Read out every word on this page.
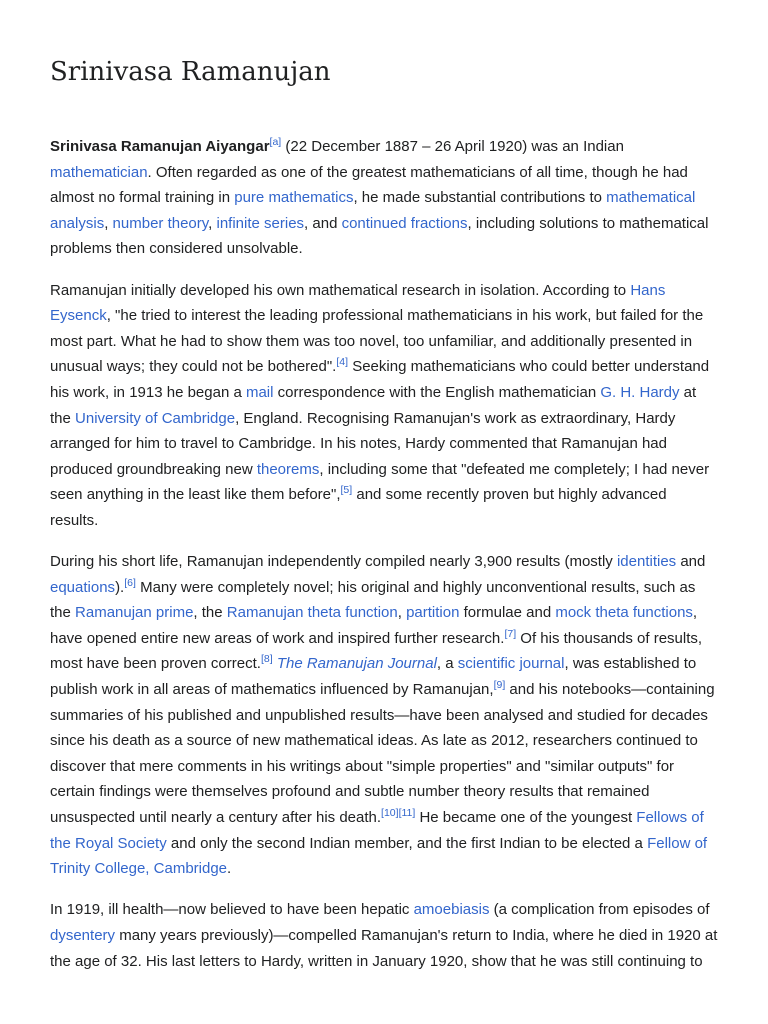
Srinivasa Ramanujan
Srinivasa Ramanujan Aiyangar[a] (22 December 1887 – 26 April 1920) was an Indian
mathematician. Often regarded as one of the greatest mathematicians of all time, though he had
almost no formal training in pure mathematics, he made substantial contributions to mathematical
analysis, number theory, infinite series, and continued fractions, including solutions to mathematical
problems then considered unsolvable.
Ramanujan initially developed his own mathematical research in isolation. According to Hans
Eysenck, "he tried to interest the leading professional mathematicians in his work, but failed for the
most part. What he had to show them was too novel, too unfamiliar, and additionally presented in
unusual ways; they could not be bothered".[4] Seeking mathematicians who could better understand
his work, in 1913 he began a mail correspondence with the English mathematician G. H. Hardy at
the University of Cambridge, England. Recognising Ramanujan's work as extraordinary, Hardy
arranged for him to travel to Cambridge. In his notes, Hardy commented that Ramanujan had
produced groundbreaking new theorems, including some that "defeated me completely; I had never
seen anything in the least like them before",[5] and some recently proven but highly advanced
results.
During his short life, Ramanujan independently compiled nearly 3,900 results (mostly identities and
equations).[6] Many were completely novel; his original and highly unconventional results, such as
the Ramanujan prime, the Ramanujan theta function, partition formulae and mock theta functions,
have opened entire new areas of work and inspired further research.[7] Of his thousands of results,
most have been proven correct.[8] The Ramanujan Journal, a scientific journal, was established to
publish work in all areas of mathematics influenced by Ramanujan,[9] and his notebooks—containing
summaries of his published and unpublished results—have been analysed and studied for decades
since his death as a source of new mathematical ideas. As late as 2012, researchers continued to
discover that mere comments in his writings about "simple properties" and "similar outputs" for
certain findings were themselves profound and subtle number theory results that remained
unsuspected until nearly a century after his death.[10][11] He became one of the youngest Fellows of
the Royal Society and only the second Indian member, and the first Indian to be elected a Fellow of
Trinity College, Cambridge.
In 1919, ill health—now believed to have been hepatic amoebiasis (a complication from episodes of
dysentery many years previously)—compelled Ramanujan's return to India, where he died in 1920 at
the age of 32. His last letters to Hardy, written in January 1920, show that he was still continuing to
